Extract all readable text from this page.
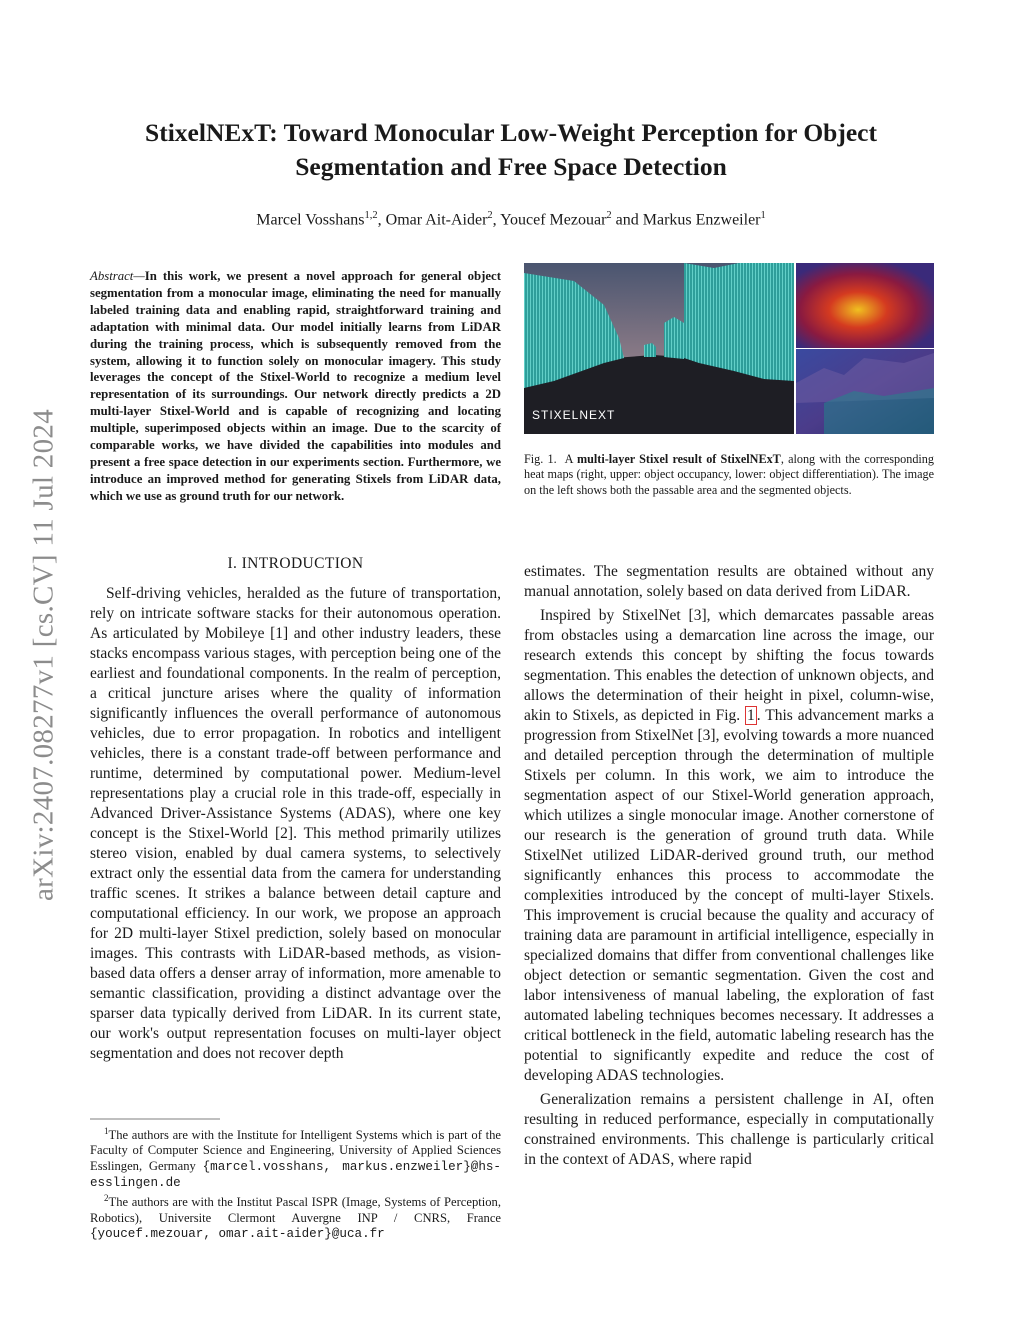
arXiv:2407.08277v1 [cs.CV] 11 Jul 2024
StixelNExT: Toward Monocular Low-Weight Perception for Object Segmentation and Free Space Detection
Marcel Vosshans$^{1,2}$, Omar Ait-Aider$^2$, Youcef Mezouar$^2$ and Markus Enzweiler$^1$
Abstract—In this work, we present a novel approach for general object segmentation from a monocular image, eliminating the need for manually labeled training data and enabling rapid, straightforward training and adaptation with minimal data. Our model initially learns from LiDAR during the training process, which is subsequently removed from the system, allowing it to function solely on monocular imagery. This study leverages the concept of the Stixel-World to recognize a medium level representation of its surroundings. Our network directly predicts a 2D multi-layer Stixel-World and is capable of recognizing and locating multiple, superimposed objects within an image. Due to the scarcity of comparable works, we have divided the capabilities into modules and present a free space detection in our experiments section. Furthermore, we introduce an improved method for generating Stixels from LiDAR data, which we use as ground truth for our network.
I. INTRODUCTION

Self-driving vehicles, heralded as the future of transportation, rely on intricate software stacks for their autonomous operation. As articulated by Mobileye [1] and other industry leaders, these stacks encompass various stages, with perception being one of the earliest and foundational components. In the realm of perception, a critical juncture arises where the quality of information significantly influences the overall performance of autonomous vehicles, due to error propagation. In robotics and intelligent vehicles, there is a constant trade-off between performance and runtime, determined by computational power. Medium-level representations play a crucial role in this trade-off, especially in Advanced Driver-Assistance Systems (ADAS), where one key concept is the Stixel-World [2]. This method primarily utilizes stereo vision, enabled by dual camera systems, to selectively extract only the essential data from the camera for understanding traffic scenes. It strikes a balance between detail capture and computational efficiency. In our work, we propose an approach for 2D multi-layer Stixel prediction, solely based on monocular images. This contrasts with LiDAR-based methods, as vision-based data offers a denser array of information, more amenable to semantic classification, providing a distinct advantage over the sparser data typically derived from LiDAR. In its current state, our work's output representation focuses on multi-layer object segmentation and does not recover depth

$^1$The authors are with the Institute for Intelligent Systems which is part of the Faculty of Computer Science and Engineering, University of Applied Sciences Esslingen, Germany {marcel.vosshans, markus.enzweiler}@hs-esslingen.de

$^2$The authors are with the Institut Pascal ISPR (Image, Systems of Perception, Robotics), Universite Clermont Auvergne INP / CNRS, France {youcef.mezouar, omar.ait-aider}@uca.fr

STIXELNEXT
Fig. 1. A multi-layer Stixel result of StixelNExT, along with the corresponding heat maps (right, upper: object occupancy, lower: object differentiation). The image on the left shows both the passable area and the segmented objects.

estimates. The segmentation results are obtained without any manual annotation, solely based on data derived from LiDAR.

Inspired by StixelNet [3], which demarcates passable areas from obstacles using a demarcation line across the image, our research extends this concept by shifting the focus towards segmentation. This enables the detection of unknown objects, and allows the determination of their height in pixel, column-wise, akin to Stixels, as depicted in Fig. 1 . This advancement marks a progression from StixelNet [3], evolving towards a more nuanced and detailed perception through the determination of multiple Stixels per column. In this work, we aim to introduce the segmentation aspect of our Stixel-World generation approach, which utilizes a single monocular image. Another cornerstone of our research is the generation of ground truth data. While StixelNet utilized LiDAR-derived ground truth, our method significantly enhances this process to accommodate the complexities introduced by the concept of multi-layer Stixels. This improvement is crucial because the quality and accuracy of training data are paramount in artificial intelligence, especially in specialized domains that differ from conventional challenges like object detection or semantic segmentation. Given the cost and labor intensiveness of manual labeling, the exploration of fast automated labeling techniques becomes necessary. It addresses a critical bottleneck in the field, automatic labeling research has the potential to significantly expedite and reduce the cost of developing ADAS technologies.

Generalization remains a persistent challenge in AI, often resulting in reduced performance, especially in computationally constrained environments. This challenge is particularly critical in the context of ADAS, where rapid
